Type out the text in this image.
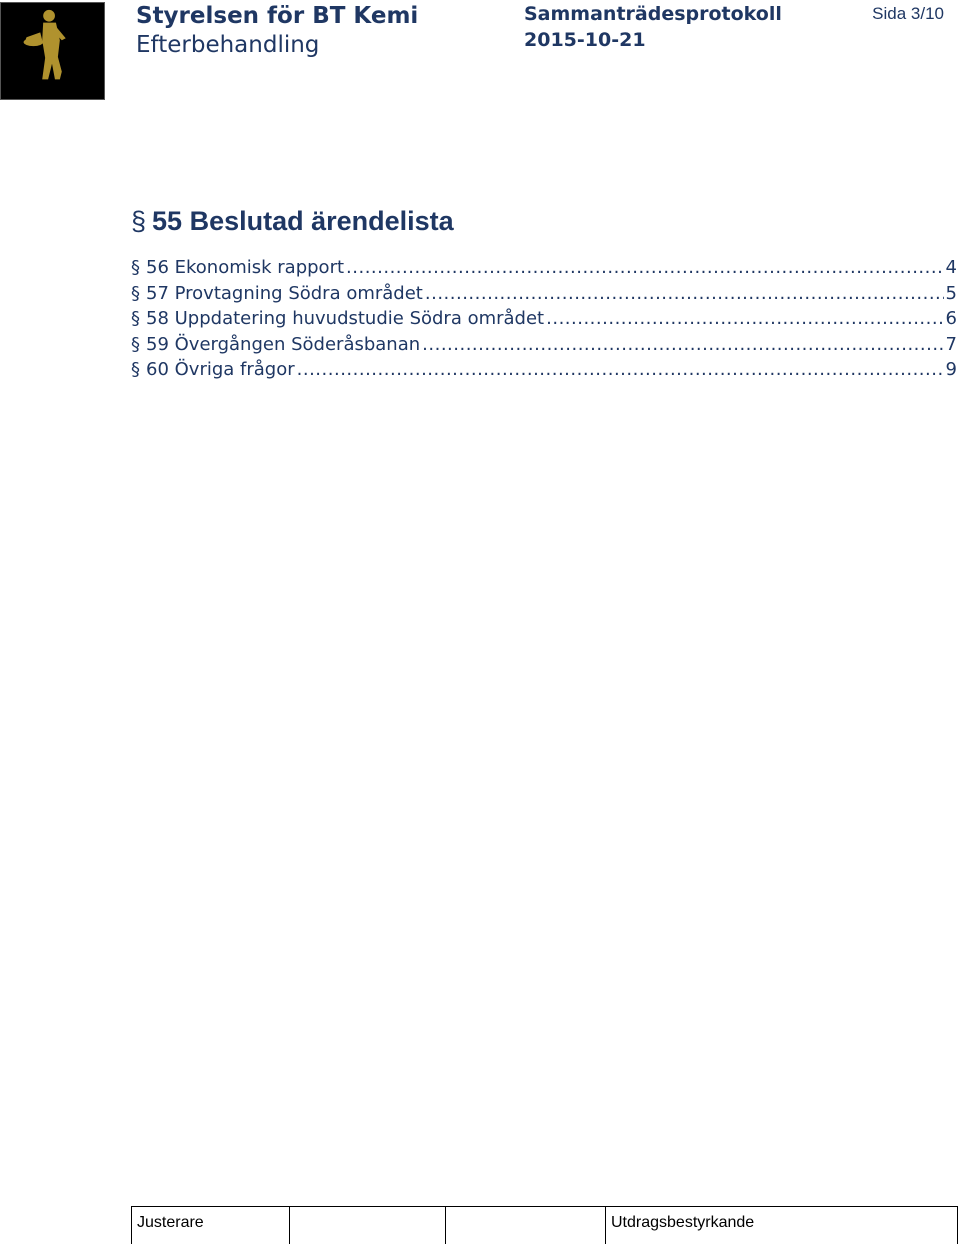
Styrelsen för BT Kemi
Efterbehandling
Sammanträdesprotokoll
2015-10-21
Sida 3/10
§ 55 Beslutad ärendelista
§ 56 Ekonomisk rapport .....	4
§ 57 Provtagning Södra området .....	5
§ 58 Uppdatering huvudstudie Södra området .....	6
§ 59 Övergången Söderåsbanan .....	7
§ 60 Övriga frågor .....	9
Justerare	Utdragsbestyrkande
